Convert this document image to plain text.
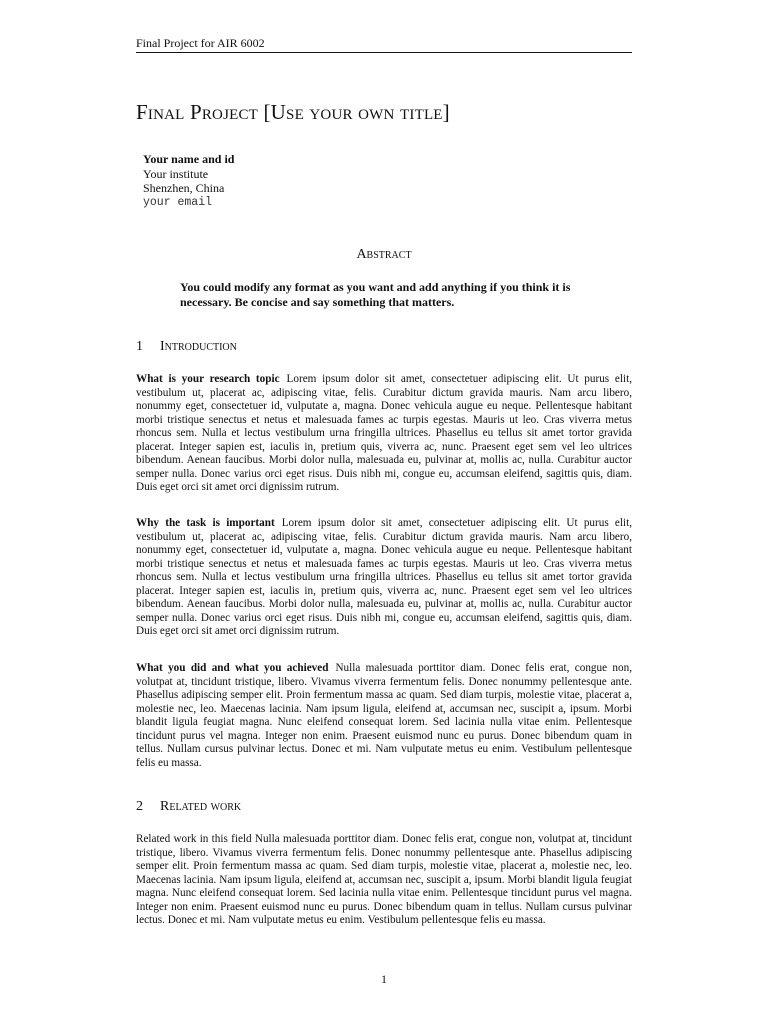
Final Project for AIR 6002
Final Project [Use your own title]
Your name and id
Your institute
Shenzhen, China
your email
Abstract
You could modify any format as you want and add anything if you think it is necessary. Be concise and say something that matters.
1 Introduction

What is your research topic Lorem ipsum dolor sit amet, consectetuer adipiscing elit. Ut purus elit, vestibulum ut, placerat ac, adipiscing vitae, felis. Curabitur dictum gravida mauris. Nam arcu libero, nonummy eget, consectetuer id, vulputate a, magna. Donec vehicula augue eu neque. Pellentesque habitant morbi tristique senectus et netus et malesuada fames ac turpis egestas. Mauris ut leo. Cras viverra metus rhoncus sem. Nulla et lectus vestibulum urna fringilla ultrices. Phasellus eu tellus sit amet tortor gravida placerat. Integer sapien est, iaculis in, pretium quis, viverra ac, nunc. Praesent eget sem vel leo ultrices bibendum. Aenean faucibus. Morbi dolor nulla, malesuada eu, pulvinar at, mollis ac, nulla. Curabitur auctor semper nulla. Donec varius orci eget risus. Duis nibh mi, congue eu, accumsan eleifend, sagittis quis, diam. Duis eget orci sit amet orci dignissim rutrum.

Why the task is important Lorem ipsum dolor sit amet, consectetuer adipiscing elit. Ut purus elit, vestibulum ut, placerat ac, adipiscing vitae, felis. Curabitur dictum gravida mauris. Nam arcu libero, nonummy eget, consectetuer id, vulputate a, magna. Donec vehicula augue eu neque. Pellentesque habitant morbi tristique senectus et netus et malesuada fames ac turpis egestas. Mauris ut leo. Cras viverra metus rhoncus sem. Nulla et lectus vestibulum urna fringilla ultrices. Phasellus eu tellus sit amet tortor gravida placerat. Integer sapien est, iaculis in, pretium quis, viverra ac, nunc. Praesent eget sem vel leo ultrices bibendum. Aenean faucibus. Morbi dolor nulla, malesuada eu, pulvinar at, mollis ac, nulla. Curabitur auctor semper nulla. Donec varius orci eget risus. Duis nibh mi, congue eu, accumsan eleifend, sagittis quis, diam. Duis eget orci sit amet orci dignissim rutrum.

What you did and what you achieved Nulla malesuada porttitor diam. Donec felis erat, congue non, volutpat at, tincidunt tristique, libero. Vivamus viverra fermentum felis. Donec nonummy pellentesque ante. Phasellus adipiscing semper elit. Proin fermentum massa ac quam. Sed diam turpis, molestie vitae, placerat a, molestie nec, leo. Maecenas lacinia. Nam ipsum ligula, eleifend at, accumsan nec, suscipit a, ipsum. Morbi blandit ligula feugiat magna. Nunc eleifend consequat lorem. Sed lacinia nulla vitae enim. Pellentesque tincidunt purus vel magna. Integer non enim. Praesent euismod nunc eu purus. Donec bibendum quam in tellus. Nullam cursus pulvinar lectus. Donec et mi. Nam vulputate metus eu enim. Vestibulum pellentesque felis eu massa.

2 Related work

Related work in this field Nulla malesuada porttitor diam. Donec felis erat, congue non, volutpat at, tincidunt tristique, libero. Vivamus viverra fermentum felis. Donec nonummy pellentesque ante. Phasellus adipiscing semper elit. Proin fermentum massa ac quam. Sed diam turpis, molestie vitae, placerat a, molestie nec, leo. Maecenas lacinia. Nam ipsum ligula, eleifend at, accumsan nec, suscipit a, ipsum. Morbi blandit ligula feugiat magna. Nunc eleifend consequat lorem. Sed lacinia nulla vitae enim. Pellentesque tincidunt purus vel magna. Integer non enim. Praesent euismod nunc eu purus. Donec bibendum quam in tellus. Nullam cursus pulvinar lectus. Donec et mi. Nam vulputate metus eu enim. Vestibulum pellentesque felis eu massa.

1
